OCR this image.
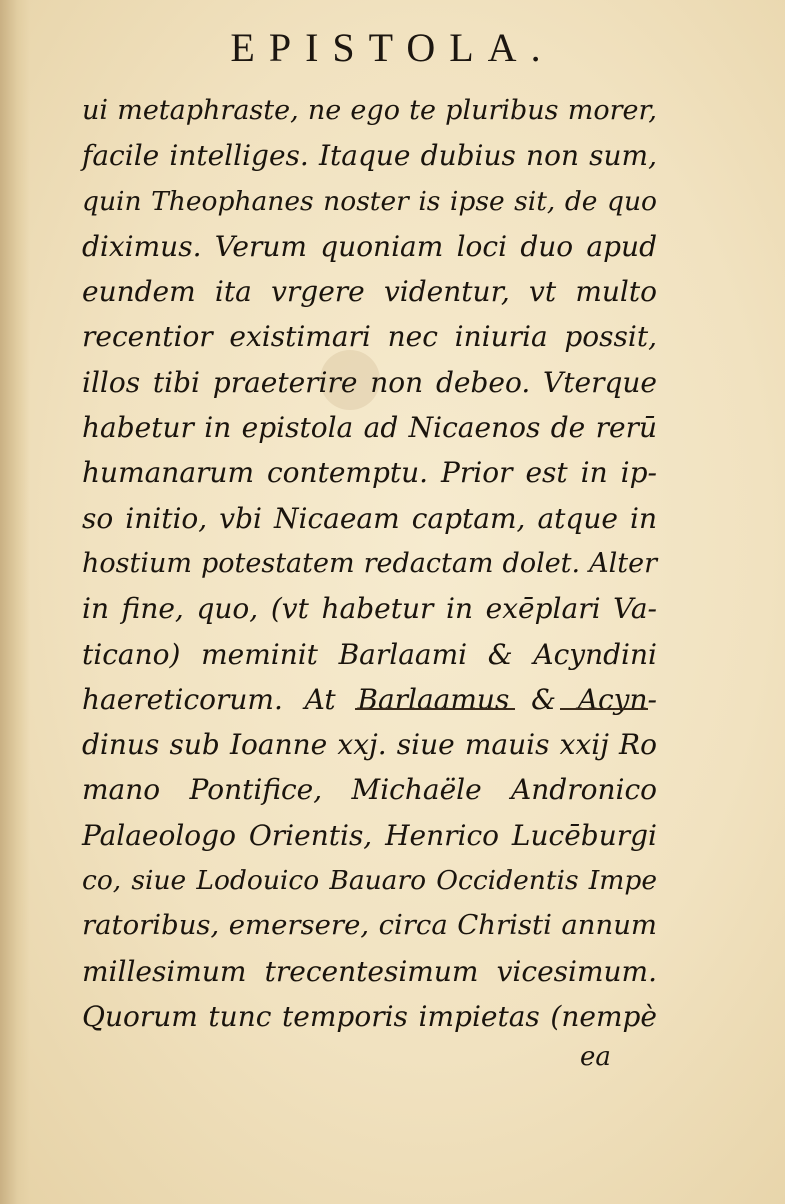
EPISTOLA.
ui metaphraste, ne ego te pluribus morer,
facile intelliges. Itaque dubius non sum,
quin Theophanes noster is ipse sit, de quo
diximus. Verum quoniam loci duo apud
eundem ita vrgere videntur, vt multo
recentior existimari nec iniuria possit,
illos tibi praeterire non debeo. Vterque
habetur in epistola ad Nicaenos de rerū
humanarum contemptu. Prior est in ip-
so initio, vbi Nicaeam captam, atque in
hostium potestatem redactam dolet. Alter
in fine, quo, (vt habetur in exēplari Va-
ticano) meminit Barlaami & Acyndini
haereticorum. At Barlaamus & Acyn-
dinus sub Ioanne xxj. siue mauis xxij Ro
mano Pontifice, Michaële Andronico
Palaeologo Orientis, Henrico Lucēburgi
co, siue Lodouico Bauaro Occidentis Impe
ratoribus, emersere, circa Christi annum
millesimum trecentesimum vicesimum.
Quorum tunc temporis impietas (nempè
ea
